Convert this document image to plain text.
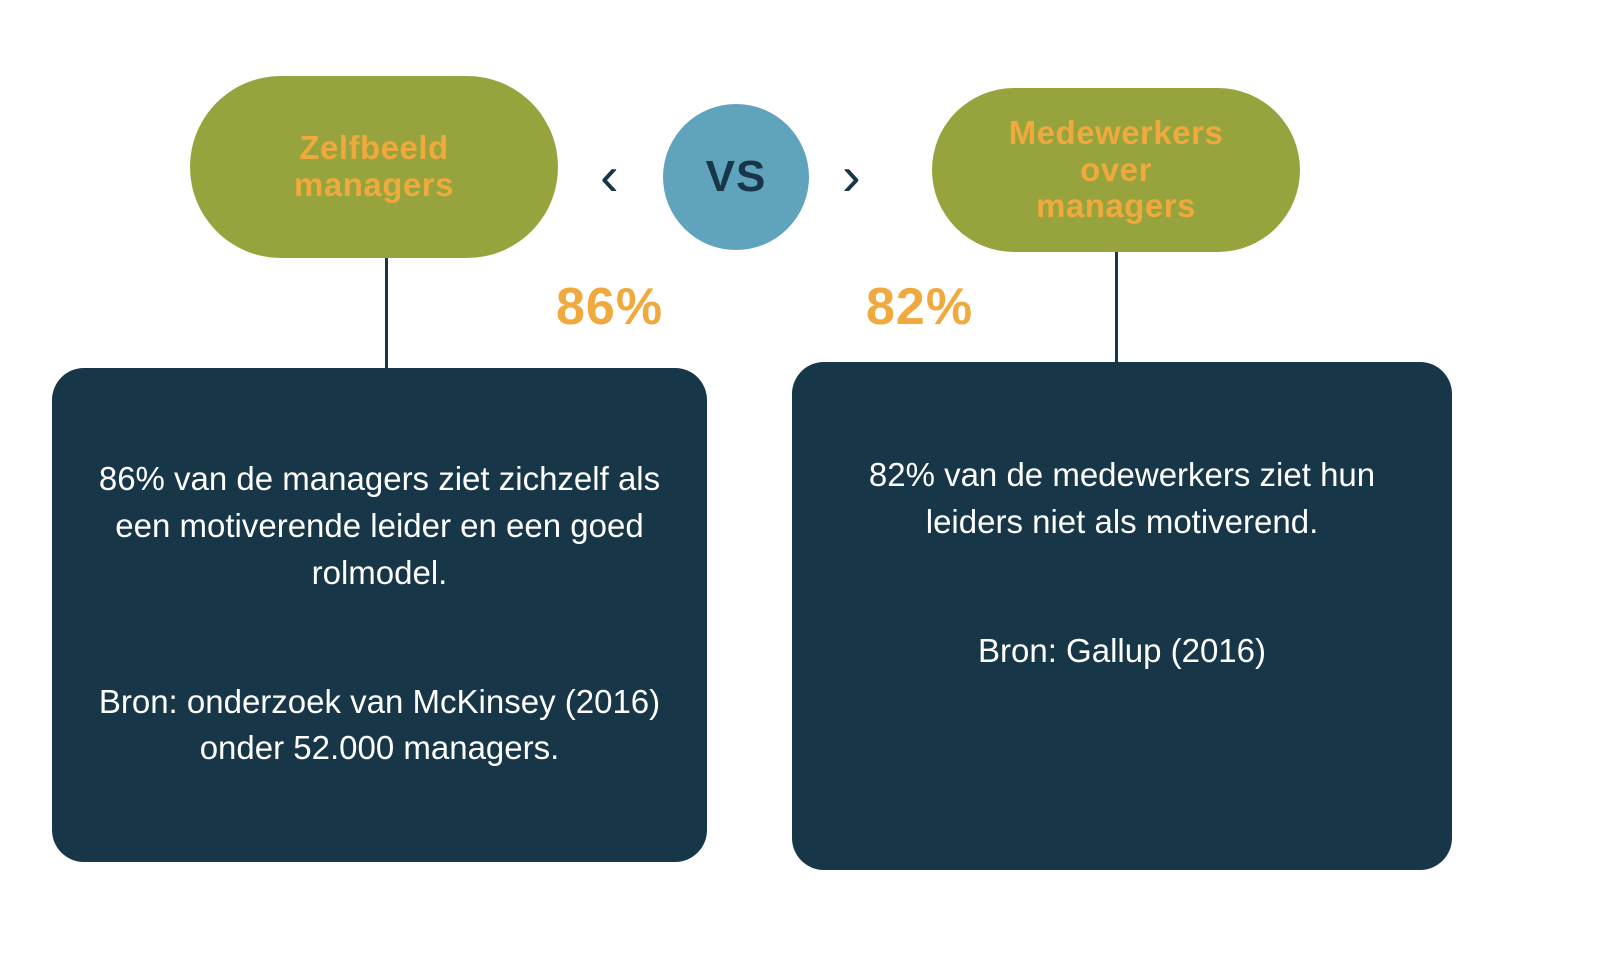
Zelfbeeld
managers	‹	VS	›
Medewerkers
over
managers
86%	82%
86% van de managers ziet zichzelf als een motiverende leider en een goed rolmodel.
Bron: onderzoek van McKinsey (2016) onder 52.000 managers.
82% van de medewerkers ziet hun leiders niet als motiverend.
Bron: Gallup (2016)
